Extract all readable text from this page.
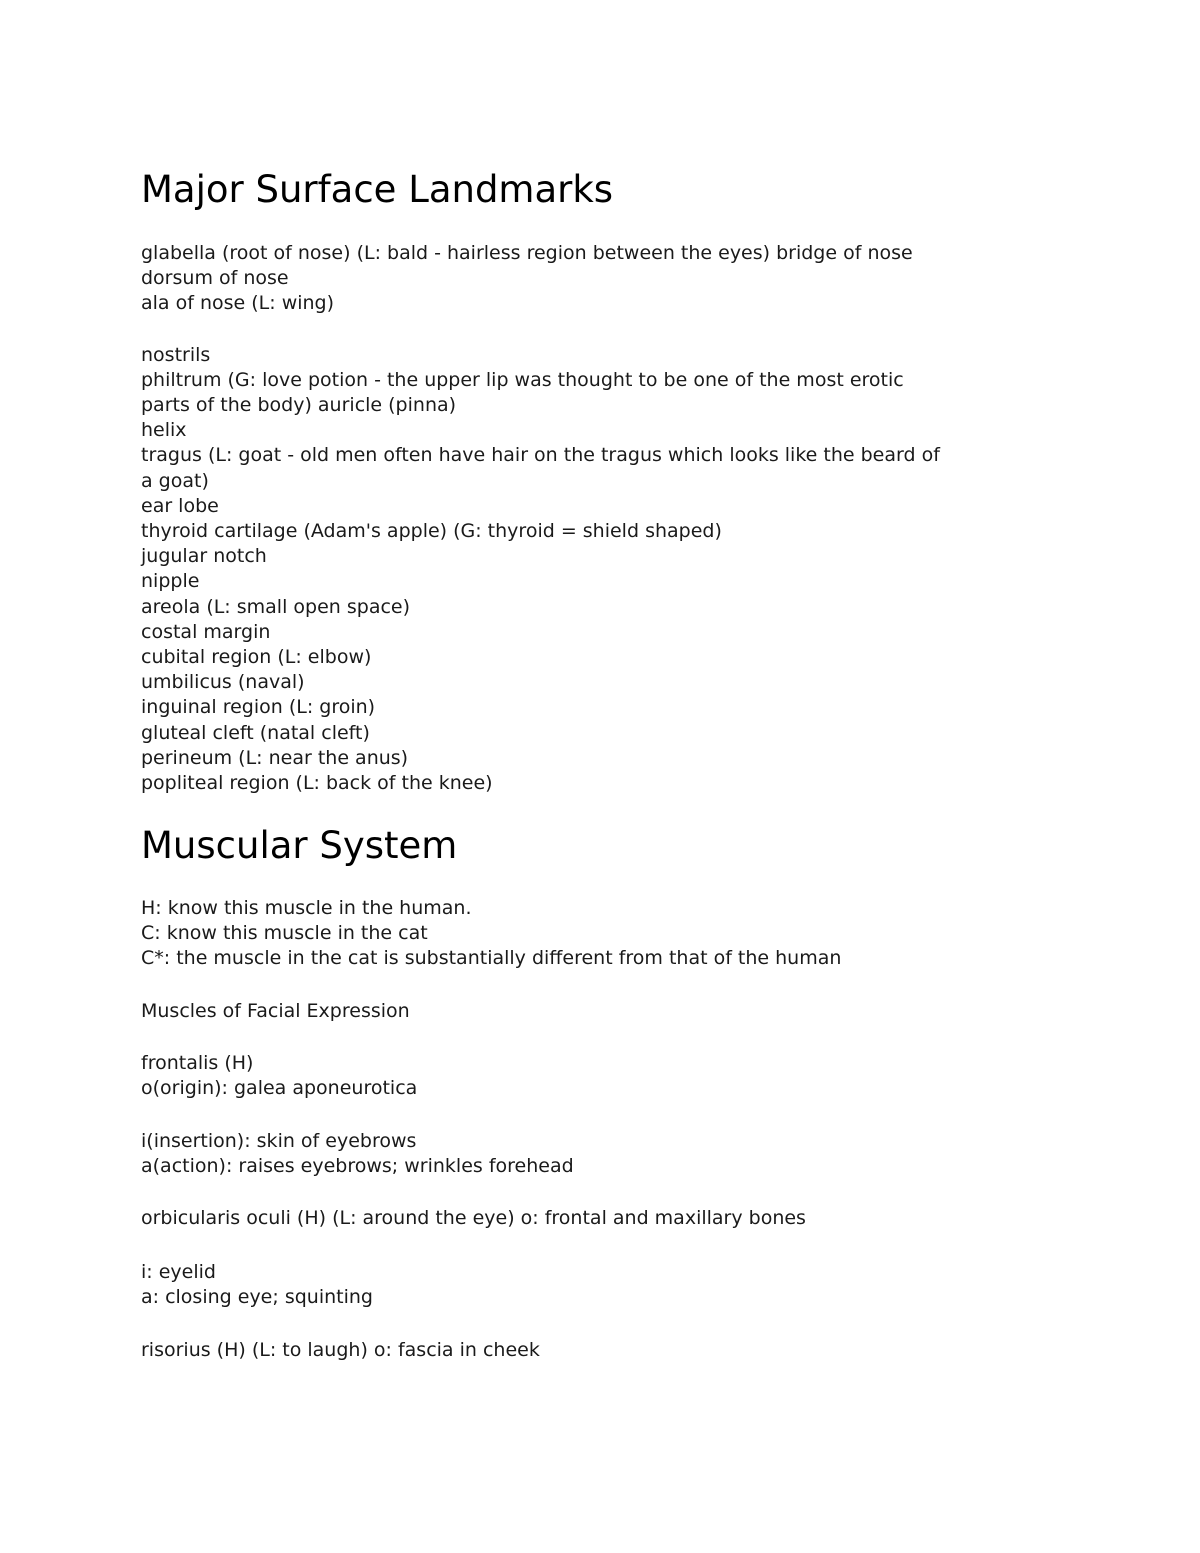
Major Surface Landmarks
glabella (root of nose) (L: bald - hairless region between the eyes) bridge of nose
dorsum of nose
ala of nose (L: wing)
nostrils
philtrum (G: love potion - the upper lip was thought to be one of the most erotic
parts of the body) auricle (pinna)
helix
tragus (L: goat - old men often have hair on the tragus which looks like the beard of
a goat)
ear lobe
thyroid cartilage (Adam's apple) (G: thyroid = shield shaped)
jugular notch
nipple
areola (L: small open space)
costal margin
cubital region (L: elbow)
umbilicus (naval)
inguinal region (L: groin)
gluteal cleft (natal cleft)
perineum (L: near the anus)
popliteal region (L: back of the knee)
Muscular System
H: know this muscle in the human.
C: know this muscle in the cat
C*: the muscle in the cat is substantially different from that of the human
Muscles of Facial Expression
frontalis (H)
o(origin): galea aponeurotica
i(insertion): skin of eyebrows
a(action): raises eyebrows; wrinkles forehead
orbicularis oculi (H) (L: around the eye) o: frontal and maxillary bones
i: eyelid
a: closing eye; squinting
risorius (H) (L: to laugh) o: fascia in cheek
